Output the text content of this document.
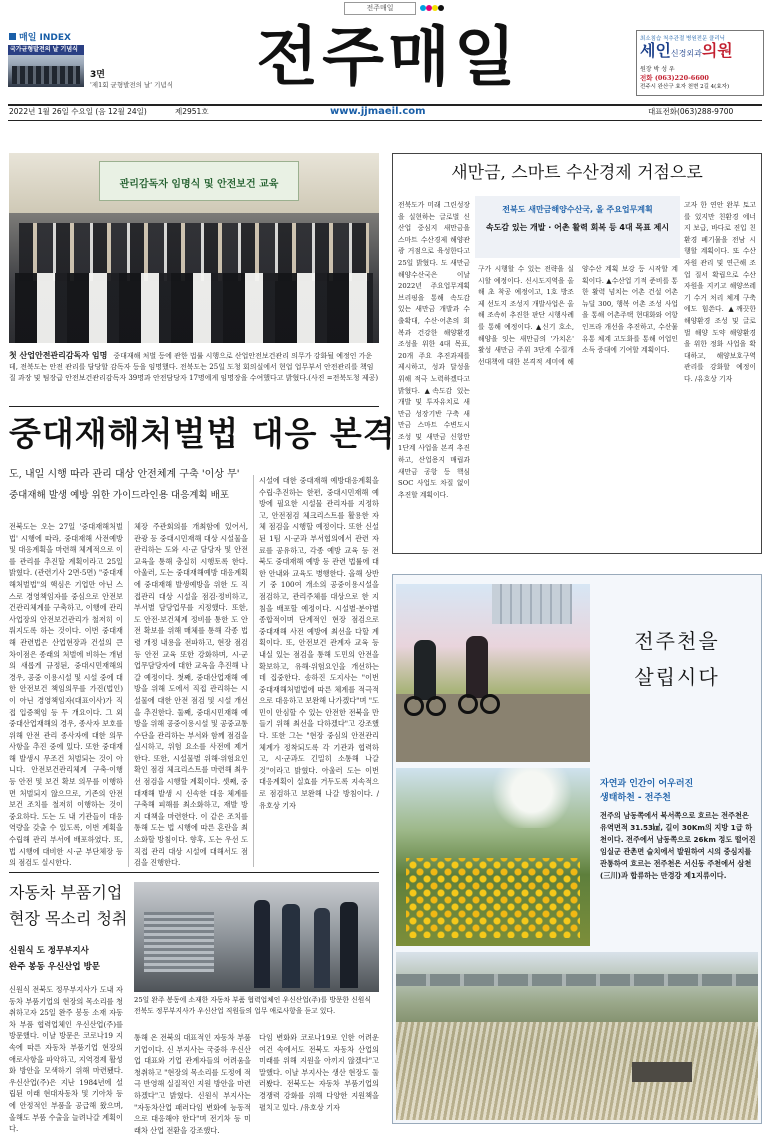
전주매일
매일 INDEX
국가균형발전의 날 기념식
3면
'제1회 균형발전의 날' 기념식 전주매일	최소침습 척추관절 병원전문 클리닉
세인신경외과의원
원장 박 성 우
전화 (063)220-6600
전주시 완산구 효자 천변 2길 4(효자)
2022년 1월 26일 수요일 (음 12월 24일)	제2951호	www.jjmaeil.com	대표전화(063)288-9700
관리감독자 임명식 및 안전보건 교육
첫 산업안전관리감독자 임명 중대재해 처벌 등에 관한 법률 시행으로 산업안전보건관리 의무가 강화될 예정인 가운데, 전북도는 안전 관리를 담당할 감독자 등을 임명했다. 전북도는 25일 도청 회의실에서 현업 업무부서 안전관리를 책임질 과장 및 팀장급 안전보건관리감독자 39명과 안전담당자 17명에게 임명장을 수여했다고 밝혔다.(사진 =전북도청 제공)
중대재해처벌법 대응 본격
도, 내일 시행 따라 관리 대상 안전체계 구축 '이상 무'
중대재해 발생 예방 위한 가이드라인용 대응계획 배포
전북도는 오는 27일 '중대재해처벌법' 시행에 따라, 중대재해 사전예방 및 대응계획을 마련해 체계적으로 이를 관리를 추진할 계획이라고 25일 밝혔다. (관련기사 2면·5면) "중대재해처벌법"의 핵심은 기업만 아닌 스스로 경영책임자를 중심으로 안전보건관리체계를 구축하고, 이행에 관리 사업장의 안전보건관리가 철저히 이뤄지도록 하는 것이다. 이번 중대재해 관련법은 산업현장과 건설의 큰 차이점은 종래의 처벌에 비하는 개념의 새롭게 규정된, 중대시민재해의 경우, 공중 이용시설 및 시설 중에 대한 안전보건 책임의무를 가진(법인)이 아닌 경영책임자(대표이사)가 직접 입증책임 등 두 개요이다. 그 외 중대산업재해의 경우, 종사자 보호를 위해 안전 관리 종사자에 대한 의무 사항을 추진 중에 있다. 또한 중대재해 발생시 무조건 처벌되는 것이 아니다. 안전보건관리체계 구축·이행 등 안전 및 보건 확보 의무를 이행하면 처벌되지 않으므로, 기존의 안전보건 조치를 철저히 이행하는 것이 중요하다. 도는 도 내 기관들이 대응 역량을 갖출 수 있도록, 이번 계획을 수립해 관리 부서에 배포하였다. 또, 법 시행에 대비한 시·군 부단체장 등의 점검도 실시한다.
체장 주관회의를 개최함에 있어서, 관광 등 중대시민재해 대상 시설물을 관리하는 도와 시·군 담당자 및 안전교육을 통해 충실히 시행토록 한다. 아울러, 도는 중대재해예방 대응계획에 중대재해 발생예방을 위한 도 직접관리 대상 시설을 점검·정비하고, 부서별 담당업무를 지정했다. 또한, 도 안전·보건체계 정비를 통한 도 안전 확보를 위해 매체를 통해 각종 법령 개정 내용을 전파하고, 현장 점검 등 안전 교육 또한 강화하며, 시·군 업무담당자에 대한 교육을 추진해 나갈 예정이다. 첫째, 중대산업재해 예방을 위해 도에서 직접 관리하는 시설물에 대한 안전 점검 및 시설 개선을 추진한다. 둘째, 중대시민재해 예방을 위해 공중이용시설 및 공중교통수단을 관리하는 부서와 함께 점검을 실시하고, 위험 요소를 사전에 제거한다. 또한, 시설물별 위해·위험요인 확인 점검 체크리스트를 마련해 최우선 점검을 시행할 계획이다. 셋째, 중대재해 발생 시 신속한 대응 체계를 구축해 피해를 최소화하고, 재발 방지 대책을 마련한다. 이 같은 조치를 통해 도는 법 시행에 따른 혼란을 최소화할 방침이다. 향후, 도는 우선 도 직접 관리 대상 시설에 대해서도 점검을 진행한다.
시설에 대한 중대재해 예방대응계획을 수립·추진하는 한편, 중대시민재해 예방에 필요한 시설물 관리자를 지정하고, 안전점검 체크리스트를 활용한 자체 점검을 시행할 예정이다. 또한 신설된 1팀 시·군과 부서협의에서 관련 자료를 공유하고, 각종 예방 교육 등 전북도 중대재해 예방 등 관련 법률에 대한 안내와 교육도 병행한다. 올해 상반기 중 100여 개소의 공중이용시설을 점검하고, 관리주체를 대상으로 한 지침을 배포할 예정이다. 시설별·분야별 종합적이며 단계적인 현장 점검으로 중대재해 사전 예방에 최선을 다할 계획이다. 또, 안전보건 관계자 교육 등 내실 있는 점검을 통해 도민의 안전을 확보하고, 유해·위험요인을 개선하는 데 집중한다. 송하진 도지사는 "이번 중대재해처벌법에 따른 체계를 적극적으로 대응하고 보완해 나가겠다"며 "도민이 안심할 수 있는 안전한 전북을 만들기 위해 최선을 다하겠다"고 강조했다. 또한 그는 "현장 중심의 안전관리 체계가 정착되도록 각 기관과 협력하고, 시·군과도 긴밀히 소통해 나갈 것"이라고 밝혔다. 아울러 도는 이번 대응계획이 실효를 거두도록 지속적으로 점검하고 보완해 나갈 방침이다. /유호상 기자
자동차 부품기업
현장 목소리 청취
신원식 도 정무부지사
완주 봉동 우신산업 방문
신원식 전북도 정무부지사가 도내 자동차 부품기업의 현장의 목소리를 청취하고자 25일 완주 봉동 소재 자동차 부품 협력업체인 우신산업(주)를 방문했다. 이날 방문은 코로나19 지속에 따른 자동차 부품기업 현장의 애로사항을 파악하고, 지역경제 활성화 방안을 모색하기 위해 마련됐다. 우신산업(주)은 지난 1984년에 설립된 이래 현대자동차 및 기아차 등에 안정적인 부품을 공급해 왔으며, 올해도 부품 수출을 늘려나갈 계획이다.
25일 완주 봉동에 소재한 자동차 부품 협력업체인 우신산업(주)를 방문한 신원식 전북도 정무부지사가 우신산업 직원들의 업무 애로사항을 듣고 있다.
통해 온 전북의 대표적인 자동차 부품기업이다. 신 부지사는 국중하 우신산업 대표와 기업 관계자들의 어려움을 청취하고 "현장의 목소리를 도정에 적극 반영해 실질적인 지원 방안을 마련하겠다"고 밝혔다. 신원식 부지사는 "자동차산업 패러다임 변화에 능동적으로 대응해야 한다"며 전기차 등 미래차 산업 전환을 강조했다.
다임 변화와 코로나19로 인한 어려운 여건 속에서도 전북도 자동차 산업의 미래를 위해 지원을 아끼지 않겠다"고 말했다. 이날 부지사는 생산 현장도 둘러봤다. 전북도는 자동차 부품기업의 경쟁력 강화를 위해 다양한 지원책을 펼치고 있다. /유호상 기자
새만금, 스마트 수산경제 거점으로
전북도 새만금해양수산국, 올 주요업무계획
속도감 있는 개발 · 어촌 활력 회복 등 4대 목표 제시
전북도가 미래 그린성장을 실현하는 글로벌 신산업 중심지 새만금을 스마트 수산경제 해양관광 거점으로 육성한다고 25일 밝혔다. 도 새만금해양수산국은 이날 2022년 주요업무계획 브리핑을 통해 속도감 있는 새만금 개발과 수출확대, 수산·어촌의 회복과 건강한 해양환경 조성을 위한 4대 목표, 20개 주요 추진과제를 제시하고, 성과 달성을 위해 적극 노력하겠다고 밝혔다. ▲속도감 있는 개발 및 투자유치로 새만금 성장기반 구축 새만금 스마트 수변도시 조성 및 새만금 신항만 1단계 사업을 본격 추진하고, 산업용지 매립과 새만금 공항 등 핵심 SOC 사업도 차질 없이 추진할 계획이다.
구가 시행할 수 있는 전략을 실시할 예정이다. 신시도지역을 올해 초 착공 예정이고, 1호 방조제 선도지 조성지 개발사업은 올해 조속히 추진한 판단 시행사례를 통해 예정이다. ▲신기 호소, 해양을 잇는 새만금의 '가치온' 활성 새만금 주위 3단계 수질개선대책에 대한 본격적 세미에 해양수산 계획 보강 등 시작할 계획이다. ▲수산업 기적 준비를 통한 활력 넘치는 어촌 건설 어촌뉴딜 300, 행복 어촌 조성 사업을 통해 어촌주택 현대화와 어항 인프라 개선을 추진하고, 수산물 유통 체계 고도화를 통해 어업인 소득 증대에 기여할 계획이다.
고자 한 연안 완부 토고를 있지만 친환경 에너지 보급, 바다로 진입 친환경 폐기물을 전남 시행할 계획이다. 또 수산자원 관리 및 연근해 조업 질서 확립으로 수산자원을 지키고 해양쓰레기 수거 처리 체계 구축에도 힘쓴다. ▲깨끗한 해양환경 조성 및 글로벌 해양 도약 해양환경을 위한 정화 사업을 확대하고, 해양보호구역 관리를 강화할 예정이다. /유호상 기자
전주천을
살립시다
자연과 인간이 어우러진
생태하천 - 전주천
전주의 남동쪽에서 북서쪽으로 흐르는 전주천은 유역면적 31.53㎢, 길이 30Km의 지방 1급 하천이다. 전주에서 남동쪽으로 26km 정도 떨어진 임실군 관촌면 슬치에서 발원하여 시의 중심지를 관통하여 흐르는 전주천은 서신동 주천에서 삼천(三川)과 합류하는 만경강 제1지류이다.
